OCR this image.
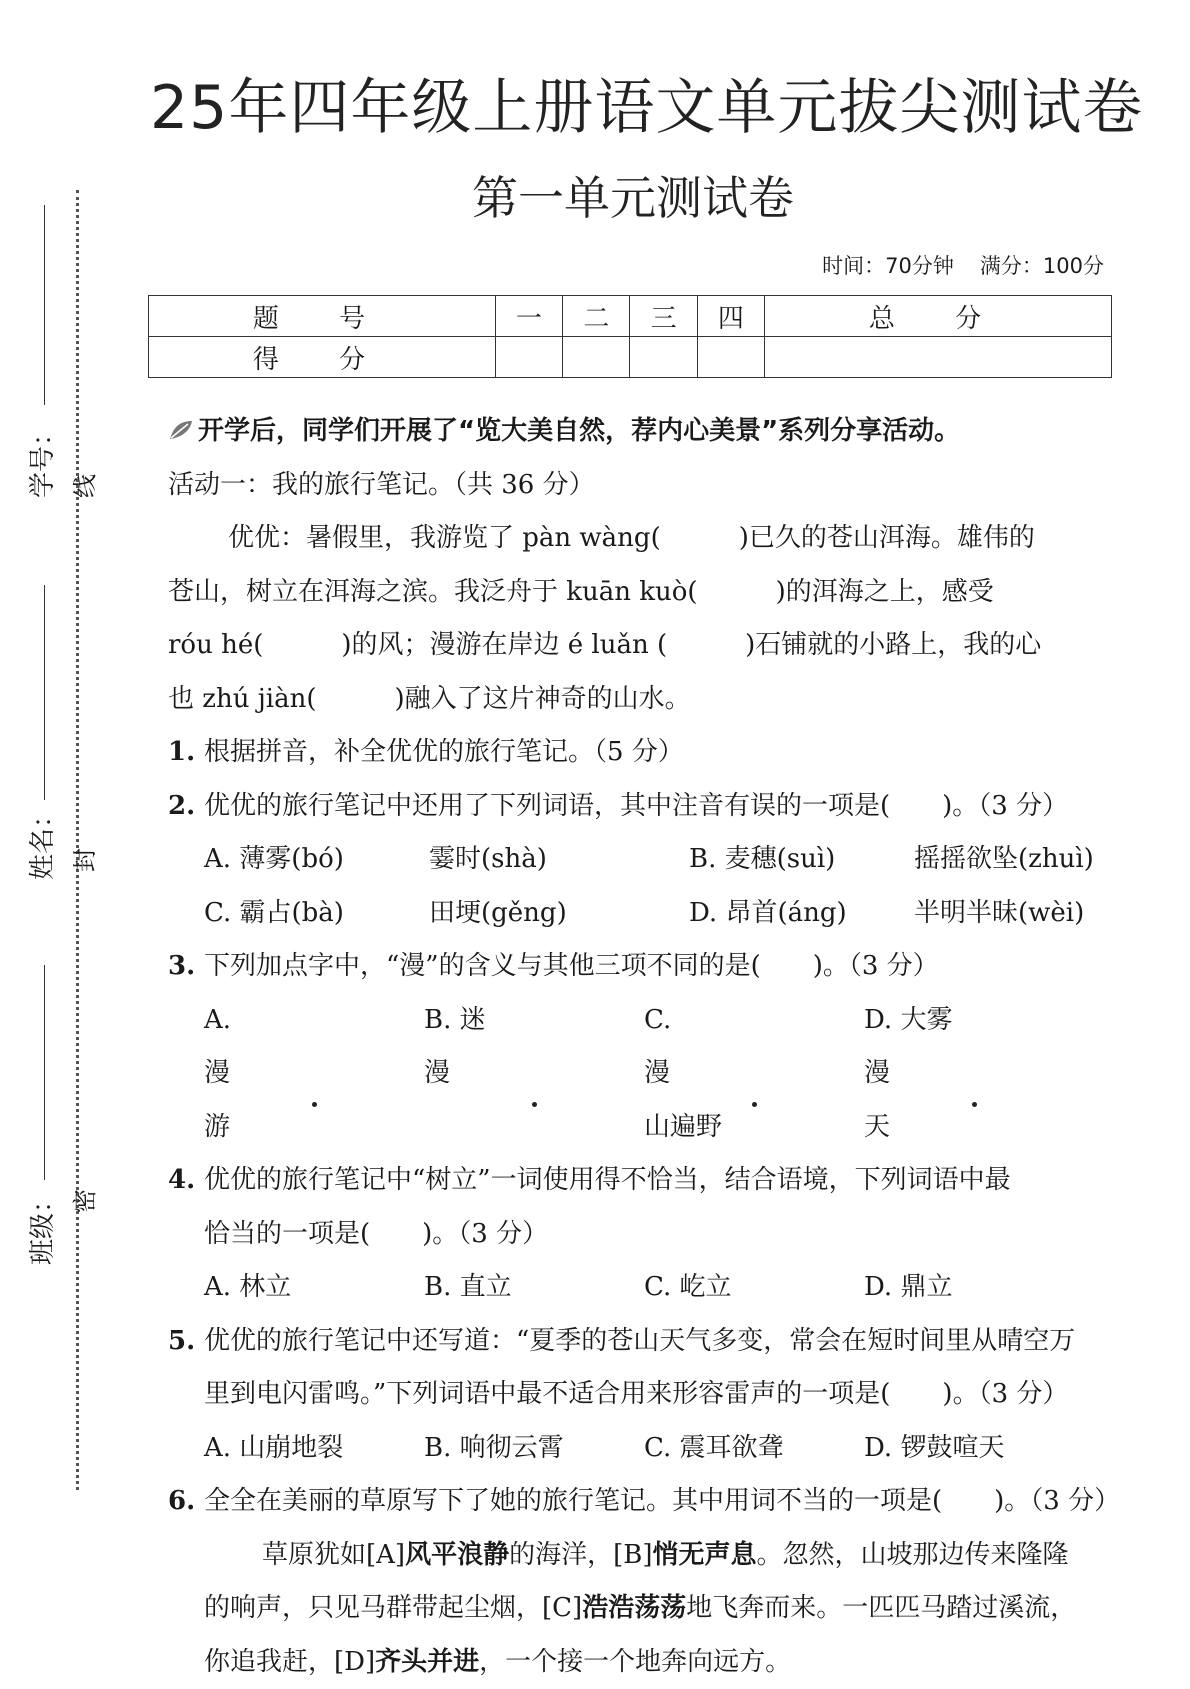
学号： 线
姓名： 封
班级： 密
25年四年级上册语文单元拔尖测试卷
第一单元测试卷
时间：70分钟 满分：100分
题 号	一	二	三	四	总 分
得 分					

开学后，同学们开展了“览大美自然，荐内心美景”系列分享活动。

活动一：我的旅行笔记。（共 36 分）

优优：暑假里，我游览了 pàn wàng(　　　)已久的苍山洱海。雄伟的

苍山，树立在洱海之滨。我泛舟于 kuān kuò(　　　)的洱海之上，感受

róu hé(　　　)的风；漫游在岸边 é luǎn (　　　)石铺就的小路上，我的心

也 zhú jiàn(　　　)融入了这片神奇的山水。

1. 根据拼音，补全优优的旅行笔记。（5 分）
2. 优优的旅行笔记中还用了下列词语，其中注音有误的一项是(　　)。（3 分）
A. 薄雾(bó)	霎时(shà)	B. 麦穗(suì)	摇摇欲坠(zhuì)
C. 霸占(bà)	田埂(gěng)	D. 昂首(áng)	半明半昧(wèi)
3. 下列加点字中，“漫”的含义与其他三项不同的是(　　)。（3 分）
A.漫游
B. 迷漫
C.漫山遍野
D. 大雾漫天
4. 优优的旅行笔记中“树立”一词使用得不恰当，结合语境，下列词语中最

恰当的一项是(　　)。（3 分）

A. 林立	B. 直立	C. 屹立	D. 鼎立
5. 优优的旅行笔记中还写道：“夏季的苍山天气多变，常会在短时间里从晴空万

里到电闪雷鸣。”下列词语中最不适合用来形容雷声的一项是(　　)。（3 分）

A. 山崩地裂	B. 响彻云霄	C. 震耳欲聋	D. 锣鼓喧天
6. 全全在美丽的草原写下了她的旅行笔记。其中用词不当的一项是(　　)。（3 分）

草原犹如[A]风平浪静的海洋，[B]悄无声息。忽然，山坡那边传来隆隆

的响声，只见马群带起尘烟，[C]浩浩荡荡地飞奔而来。一匹匹马踏过溪流，

你追我赶，[D]齐头并进，一个接一个地奔向远方。
